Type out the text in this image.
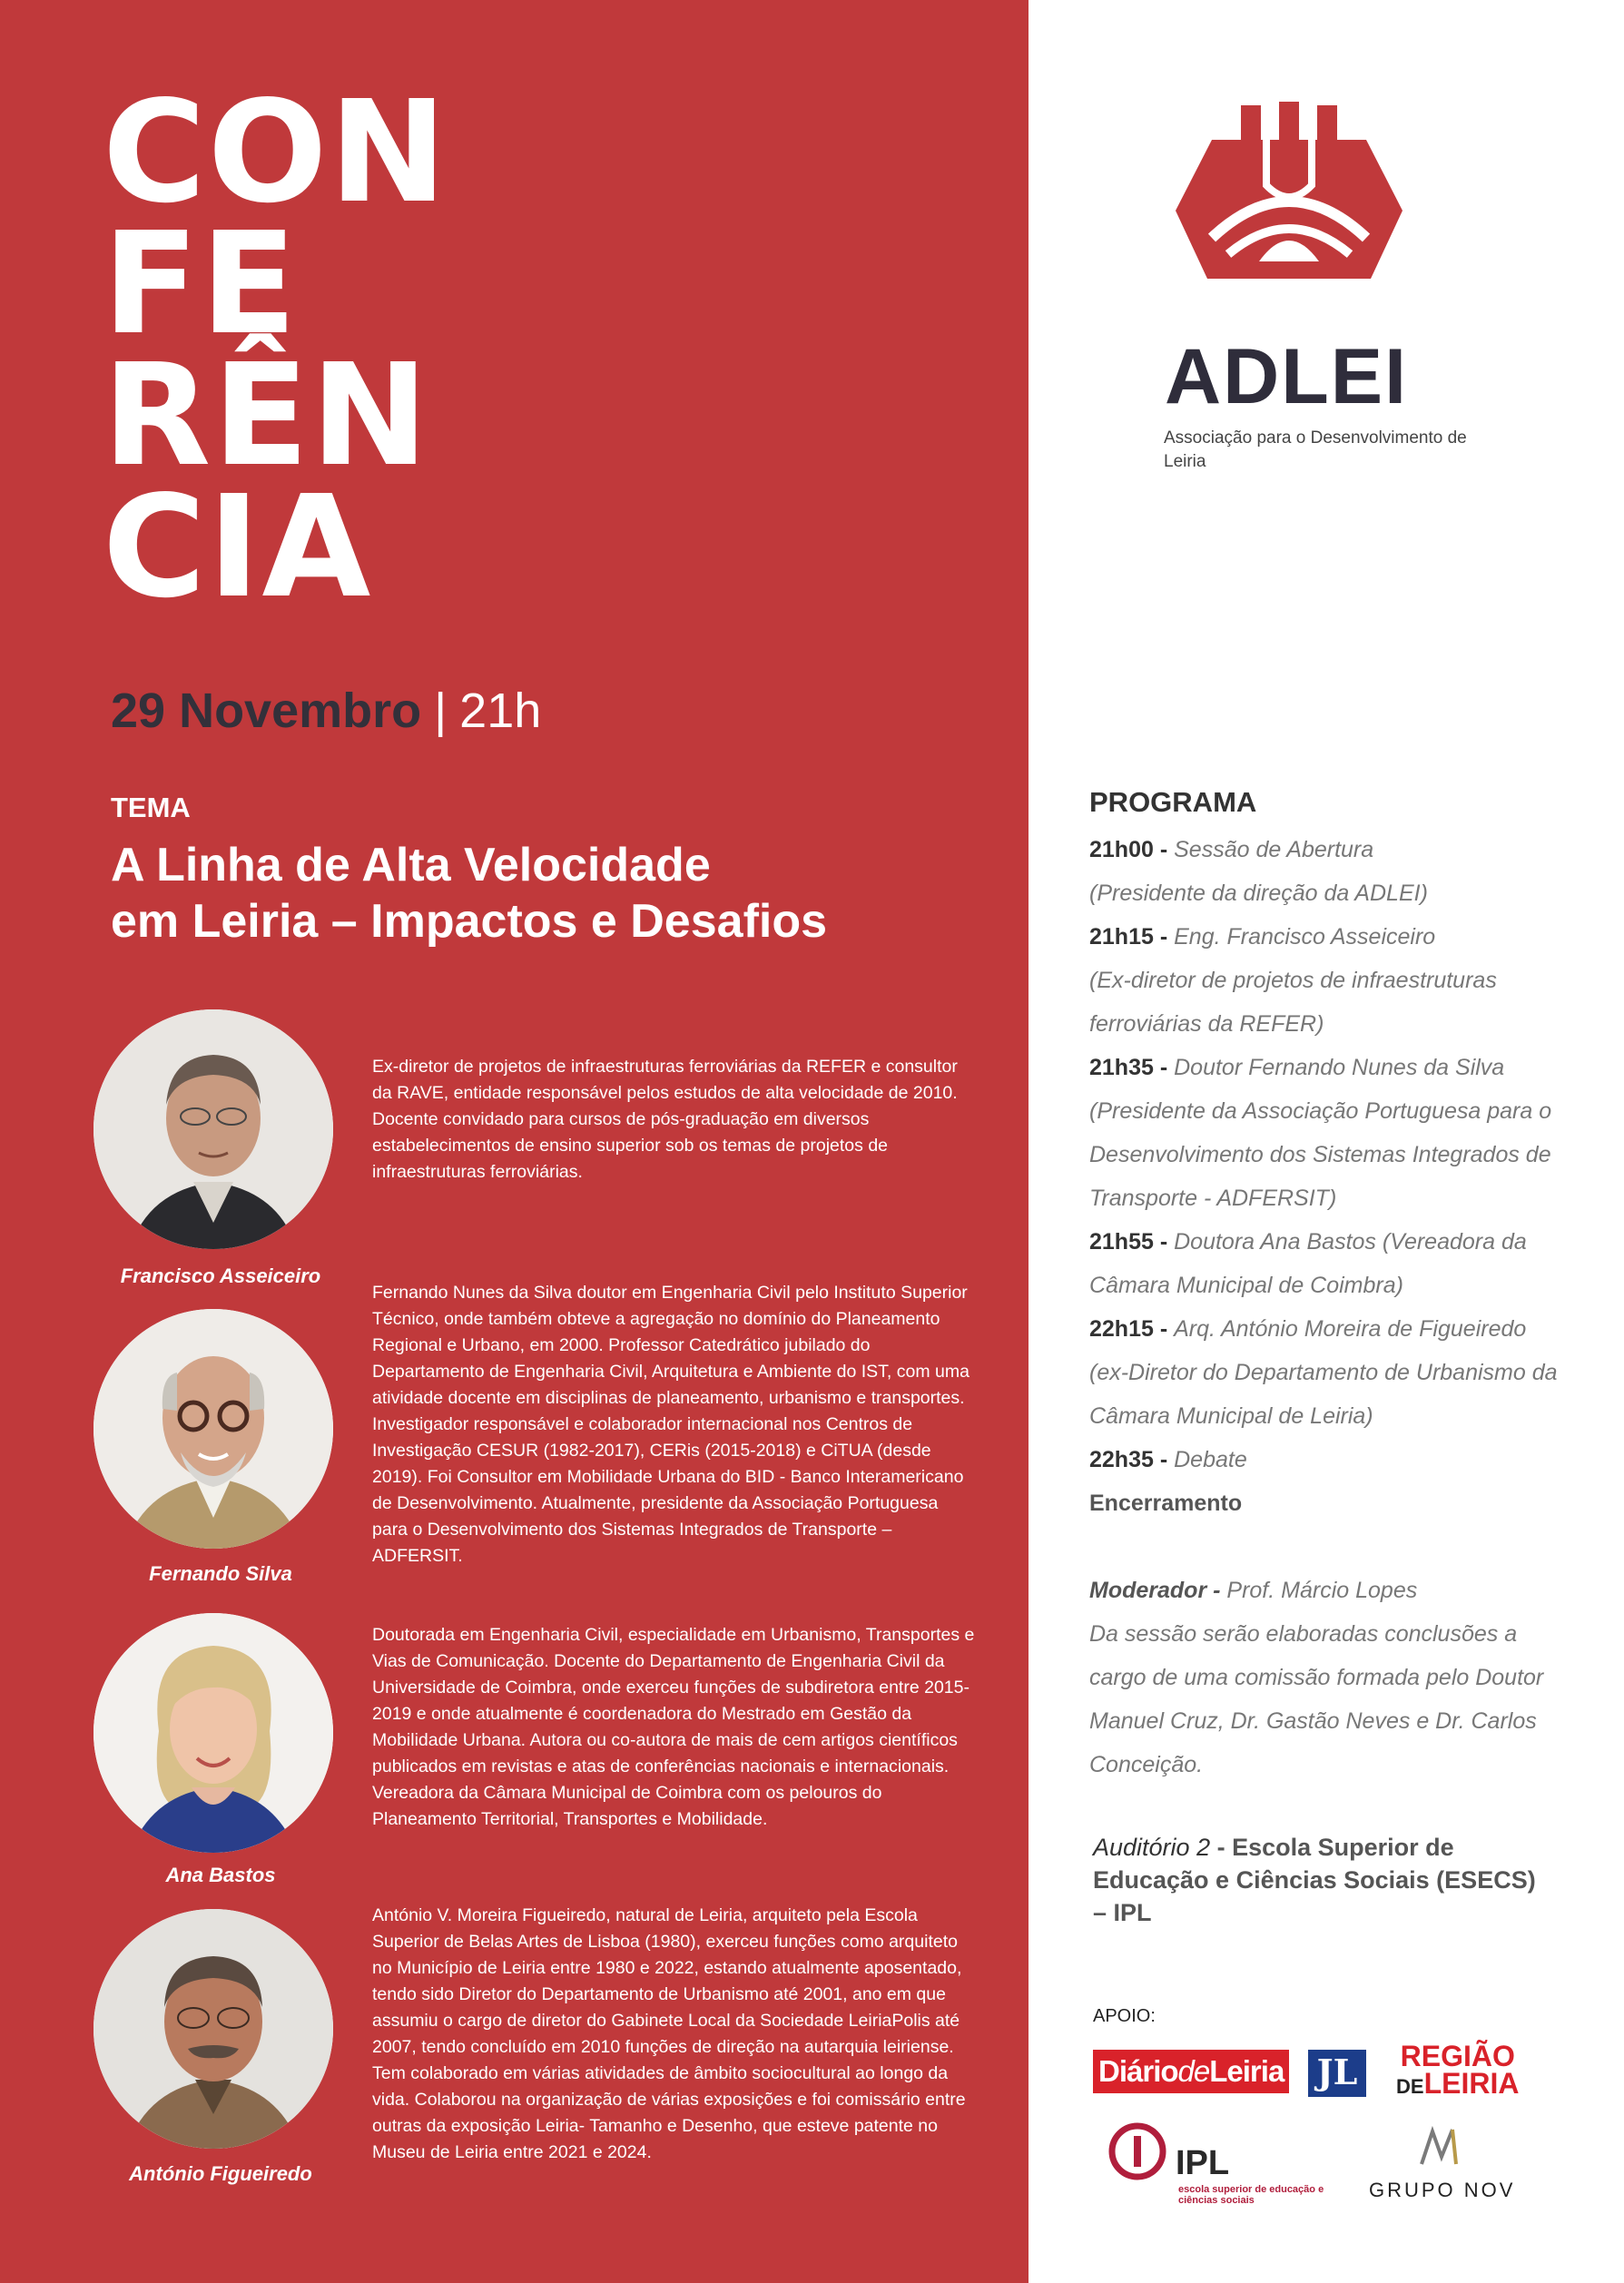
CON
FE
RÊN
CIA
29 Novembro | 21h
TEMA
A Linha de Alta Velocidade
em Leiria – Impactos e Desafios
Francisco Asseiceiro
Ex-diretor de projetos de infraestruturas ferroviárias da REFER e consultor da RAVE, entidade responsável pelos estudos de alta velocidade de 2010. Docente convidado para cursos de pós-graduação em diversos estabelecimentos de ensino superior sob os temas de projetos de infraestruturas ferroviárias.
Fernando Silva
Fernando Nunes da Silva doutor em Engenharia Civil pelo Instituto Superior Técnico, onde também obteve a agregação no domínio do Planeamento Regional e Urbano, em 2000. Professor Catedrático jubilado do Departamento de Engenharia Civil, Arquitetura e Ambiente do IST, com uma atividade docente em disciplinas de planeamento, urbanismo e transportes. Investigador responsável e colaborador internacional nos Centros de Investigação CESUR (1982-2017), CERis (2015-2018) e CiTUA (desde 2019). Foi Consultor em Mobilidade Urbana do BID - Banco Interamericano de Desenvolvimento. Atualmente, presidente da Associação Portuguesa para o Desenvolvimento dos Sistemas Integrados de Transporte – ADFERSIT.
Ana Bastos
Doutorada em Engenharia Civil, especialidade em Urbanismo, Transportes e Vias de Comunicação. Docente do Departamento de Engenharia Civil da Universidade de Coimbra, onde exerceu funções de subdiretora entre 2015-2019 e onde atualmente é coordenadora do Mestrado em Gestão da Mobilidade Urbana. Autora ou co-autora de mais de cem artigos científicos publicados em revistas e atas de conferências nacionais e internacionais. Vereadora da Câmara Municipal de Coimbra com os pelouros do Planeamento Territorial, Transportes e Mobilidade.
António Figueiredo
António V. Moreira Figueiredo, natural de Leiria, arquiteto pela Escola Superior de Belas Artes de Lisboa (1980), exerceu funções como arquiteto no Município de Leiria entre 1980 e 2022, estando atualmente aposentado, tendo sido Diretor do Departamento de Urbanismo até 2001, ano em que assumiu o cargo de diretor do Gabinete Local da Sociedade LeiriaPolis até 2007, tendo concluído em 2010 funções de direção na autarquia leiriense. Tem colaborado em várias atividades de âmbito sociocultural ao longo da vida. Colaborou na organização de várias exposições e foi comissário entre outras da exposição Leiria- Tamanho e Desenho, que esteve patente no Museu de Leiria entre 2021 e 2024.
ADLEI
Associação para o Desenvolvimento de Leiria
PROGRAMA
21h00 - Sessão de Abertura
(Presidente da direção da ADLEI)
21h15 - Eng. Francisco Asseiceiro
(Ex-diretor de projetos de infraestruturas ferroviárias da REFER)
21h35 - Doutor Fernando Nunes da Silva
(Presidente da Associação Portuguesa para o Desenvolvimento dos Sistemas Integrados de Transporte - ADFERSIT)
21h55 - Doutora Ana Bastos (Vereadora da Câmara Municipal de Coimbra)
22h15 - Arq. António Moreira de Figueiredo
(ex-Diretor do Departamento de Urbanismo da Câmara Municipal de Leiria)
22h35 - Debate
Encerramento
Moderador - Prof. Márcio Lopes
Da sessão serão elaboradas conclusões a cargo de uma comissão formada pelo Doutor Manuel Cruz, Dr. Gastão Neves e Dr. Carlos Conceição.
Auditório 2 - Escola Superior de Educação e Ciências Sociais (ESECS) – IPL
APOIO:
DiáriodeLeiria JL	REGIÃO
DELEIRIA
IPL
escola superior de educação e ciências sociais	GRUPO NOV
